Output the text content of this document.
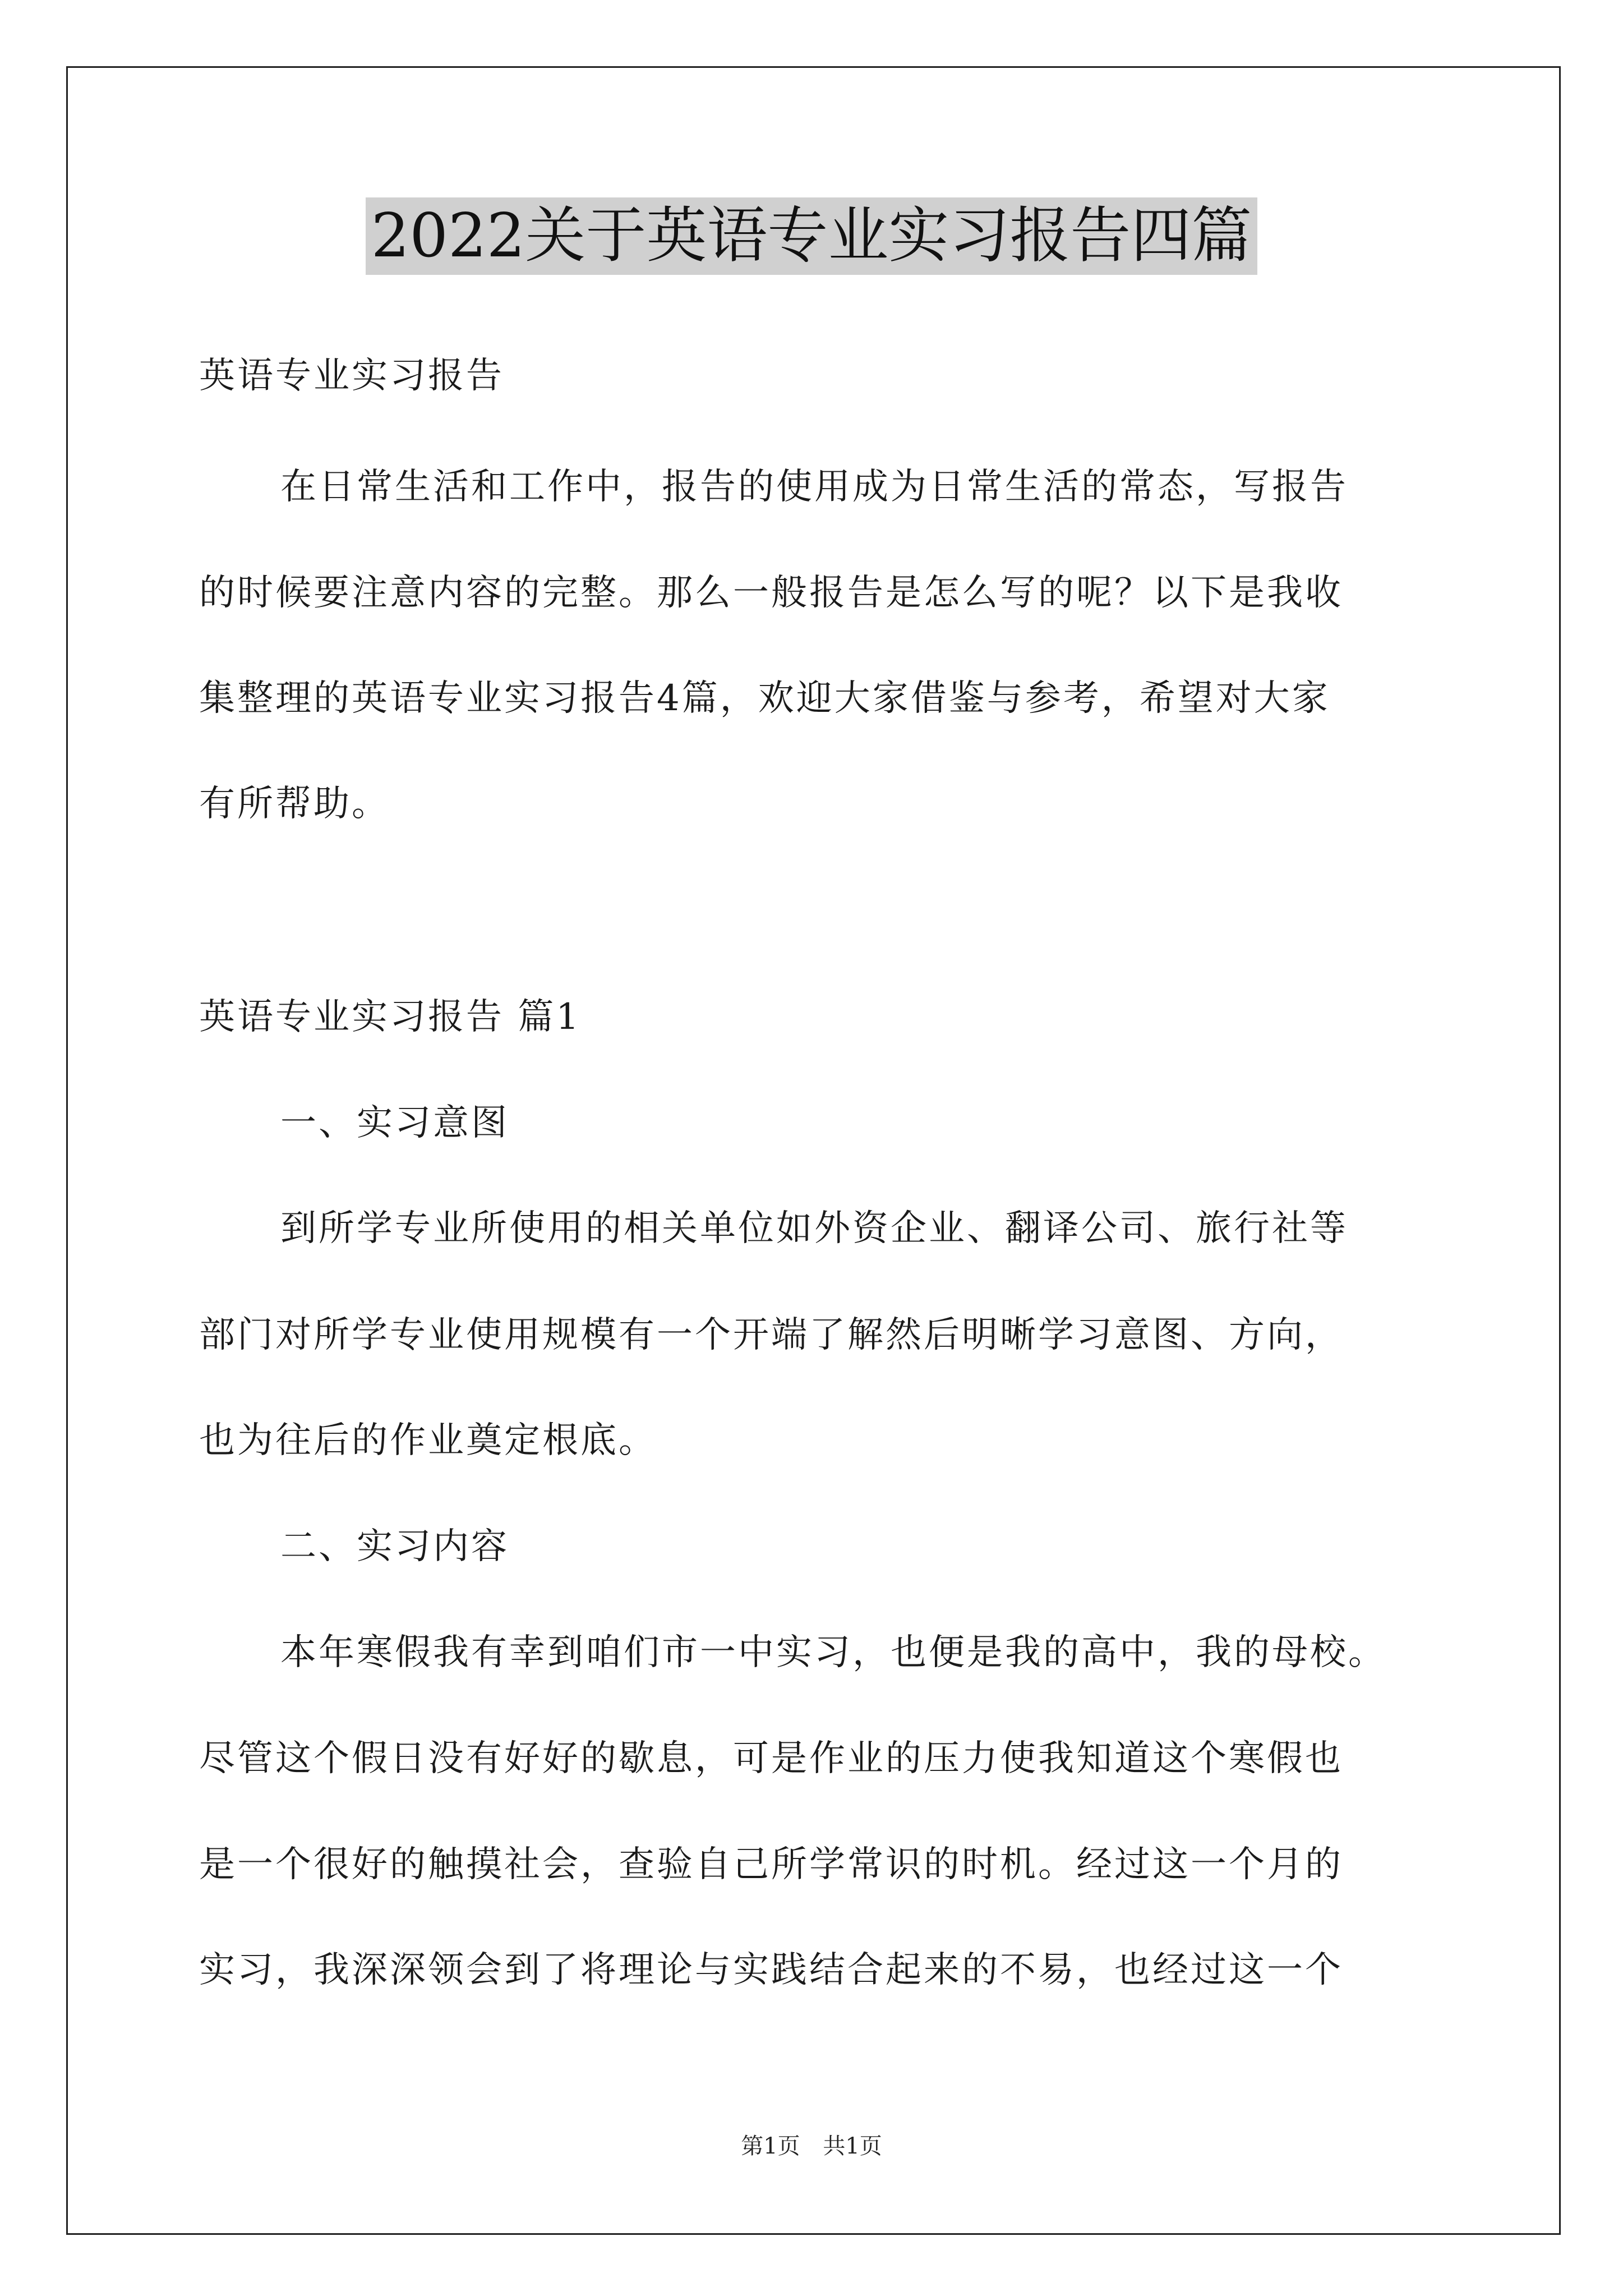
2022关于英语专业实习报告四篇
英语专业实习报告
在日常生活和工作中，报告的使用成为日常生活的常态，写报告
的时候要注意内容的完整。那么一般报告是怎么写的呢？以下是我收
集整理的英语专业实习报告4篇，欢迎大家借鉴与参考，希望对大家
有所帮助。
英语专业实习报告 篇1
一、实习意图
到所学专业所使用的相关单位如外资企业、翻译公司、旅行社等
部门对所学专业使用规模有一个开端了解然后明晰学习意图、方向，
也为往后的作业奠定根底。
二、实习内容
本年寒假我有幸到咱们市一中实习，也便是我的高中，我的母校。
尽管这个假日没有好好的歇息，可是作业的压力使我知道这个寒假也
是一个很好的触摸社会，查验自己所学常识的时机。经过这一个月的
实习，我深深领会到了将理论与实践结合起来的不易，也经过这一个
第1页 共1页
